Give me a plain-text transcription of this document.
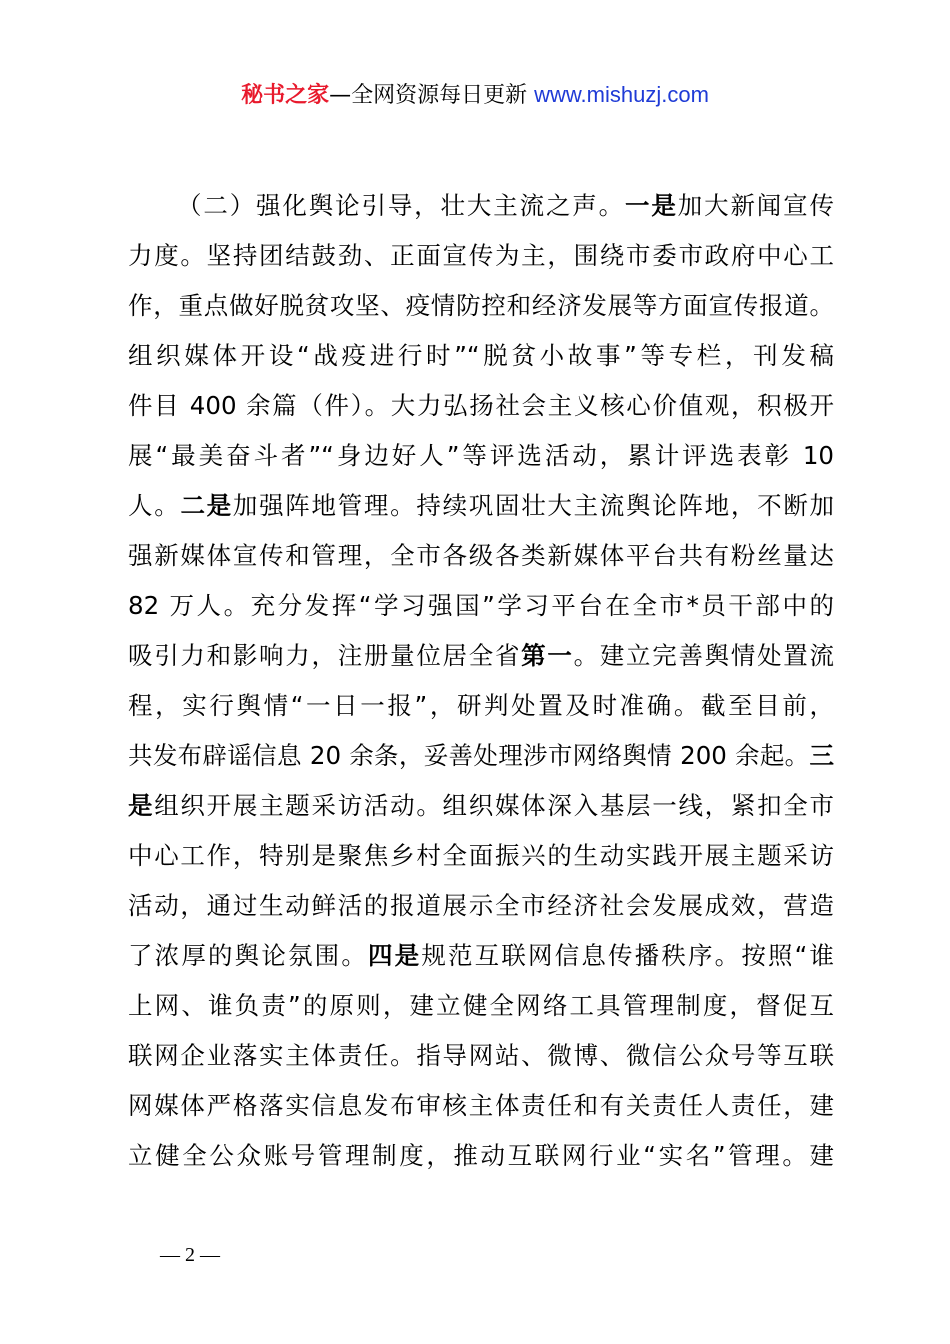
秘书之家—全网资源每日更新 www.mishuzj.com
（二）强化舆论引导，壮大主流之声。一是加大新闻宣传
力度。坚持团结鼓劲、正面宣传为主，围绕市委市政府中心工
作，重点做好脱贫攻坚、疫情防控和经济发展等方面宣传报道。
组织媒体开设“战疫进行时”“脱贫小故事”等专栏，刊发稿
件目 400 余篇（件）。大力弘扬社会主义核心价值观，积极开
展“最美奋斗者”“身边好人”等评选活动，累计评选表彰 10
人。二是加强阵地管理。持续巩固壮大主流舆论阵地，不断加
强新媒体宣传和管理，全市各级各类新媒体平台共有粉丝量达
82 万人。充分发挥“学习强国”学习平台在全市*员干部中的
吸引力和影响力，注册量位居全省第一。建立完善舆情处置流
程，实行舆情“一日一报”，研判处置及时准确。截至目前，
共发布辟谣信息 20 余条，妥善处理涉市网络舆情 200 余起。三
是组织开展主题采访活动。组织媒体深入基层一线，紧扣全市
中心工作，特别是聚焦乡村全面振兴的生动实践开展主题采访
活动，通过生动鲜活的报道展示全市经济社会发展成效，营造
了浓厚的舆论氛围。四是规范互联网信息传播秩序。按照“谁
上网、谁负责”的原则，建立健全网络工具管理制度，督促互
联网企业落实主体责任。指导网站、微博、微信公众号等互联
网媒体严格落实信息发布审核主体责任和有关责任人责任，建
立健全公众账号管理制度，推动互联网行业“实名”管理。建
— 2 —
